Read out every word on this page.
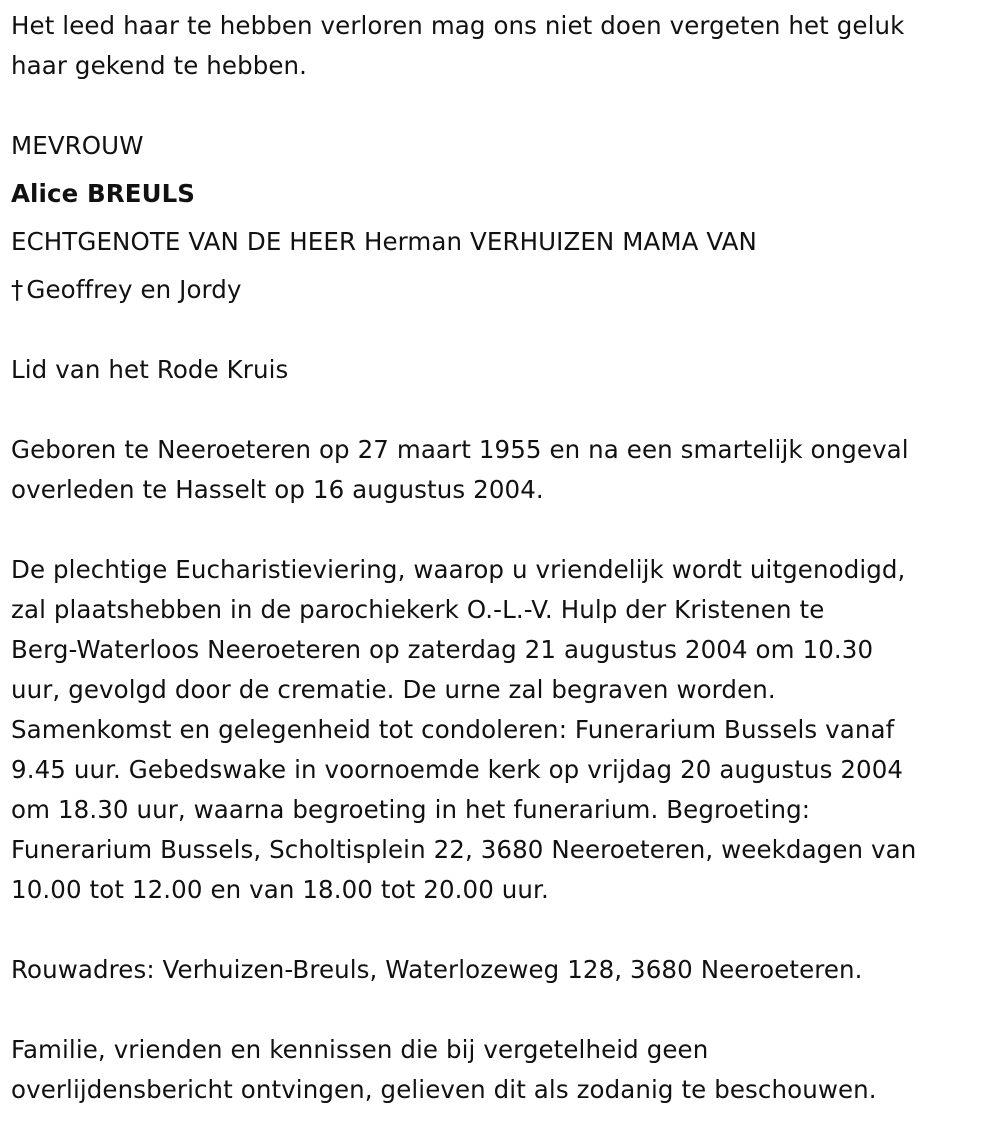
Het leed haar te hebben verloren mag ons niet doen vergeten het geluk
haar gekend te hebben.

MEVROUW

Alice BREULS

ECHTGENOTE VAN DE HEER Herman VERHUIZEN MAMA VAN

† Geoffrey en Jordy

Lid van het Rode Kruis

Geboren te Neeroeteren op 27 maart 1955 en na een smartelijk ongeval
overleden te Hasselt op 16 augustus 2004.

De plechtige Eucharistieviering, waarop u vriendelijk wordt uitgenodigd,
zal plaatshebben in de parochiekerk O.-L.-V. Hulp der Kristenen te
Berg-Waterloos Neeroeteren op zaterdag 21 augustus 2004 om 10.30
uur, gevolgd door de crematie. De urne zal begraven worden.
Samenkomst en gelegenheid tot condoleren: Funerarium Bussels vanaf
9.45 uur. Gebedswake in voornoemde kerk op vrijdag 20 augustus 2004
om 18.30 uur, waarna begroeting in het funerarium. Begroeting:
Funerarium Bussels, Scholtisplein 22, 3680 Neeroeteren, weekdagen van
10.00 tot 12.00 en van 18.00 tot 20.00 uur.

Rouwadres: Verhuizen-Breuls, Waterlozeweg 128, 3680 Neeroeteren.

Familie, vrienden en kennissen die bij vergetelheid geen
overlijdensbericht ontvingen, gelieven dit als zodanig te beschouwen.
